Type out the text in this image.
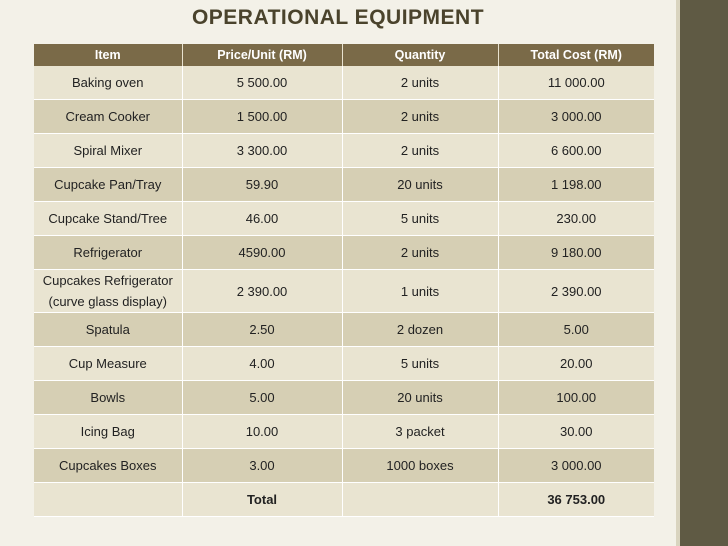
OPERATIONAL EQUIPMENT
Item	Price/Unit (RM)	Quantity	Total Cost (RM)
Baking oven	5 500.00	2 units	11 000.00
Cream Cooker	1 500.00	2 units	3 000.00
Spiral Mixer	3 300.00	2 units	6 600.00
Cupcake Pan/Tray	59.90	20 units	1 198.00
Cupcake Stand/Tree	46.00	5 units	230.00
Refrigerator	4590.00	2 units	9 180.00

Cupcakes Refrigerator
(curve glass display)	2 390.00	1 units	2 390.00
Spatula	2.50	2 dozen	5.00
Cup Measure	4.00	5 units	20.00
Bowls	5.00	20 units	100.00
Icing Bag	10.00	3 packet	30.00
Cupcakes Boxes	3.00	1000 boxes	3 000.00
	Total		36 753.00
